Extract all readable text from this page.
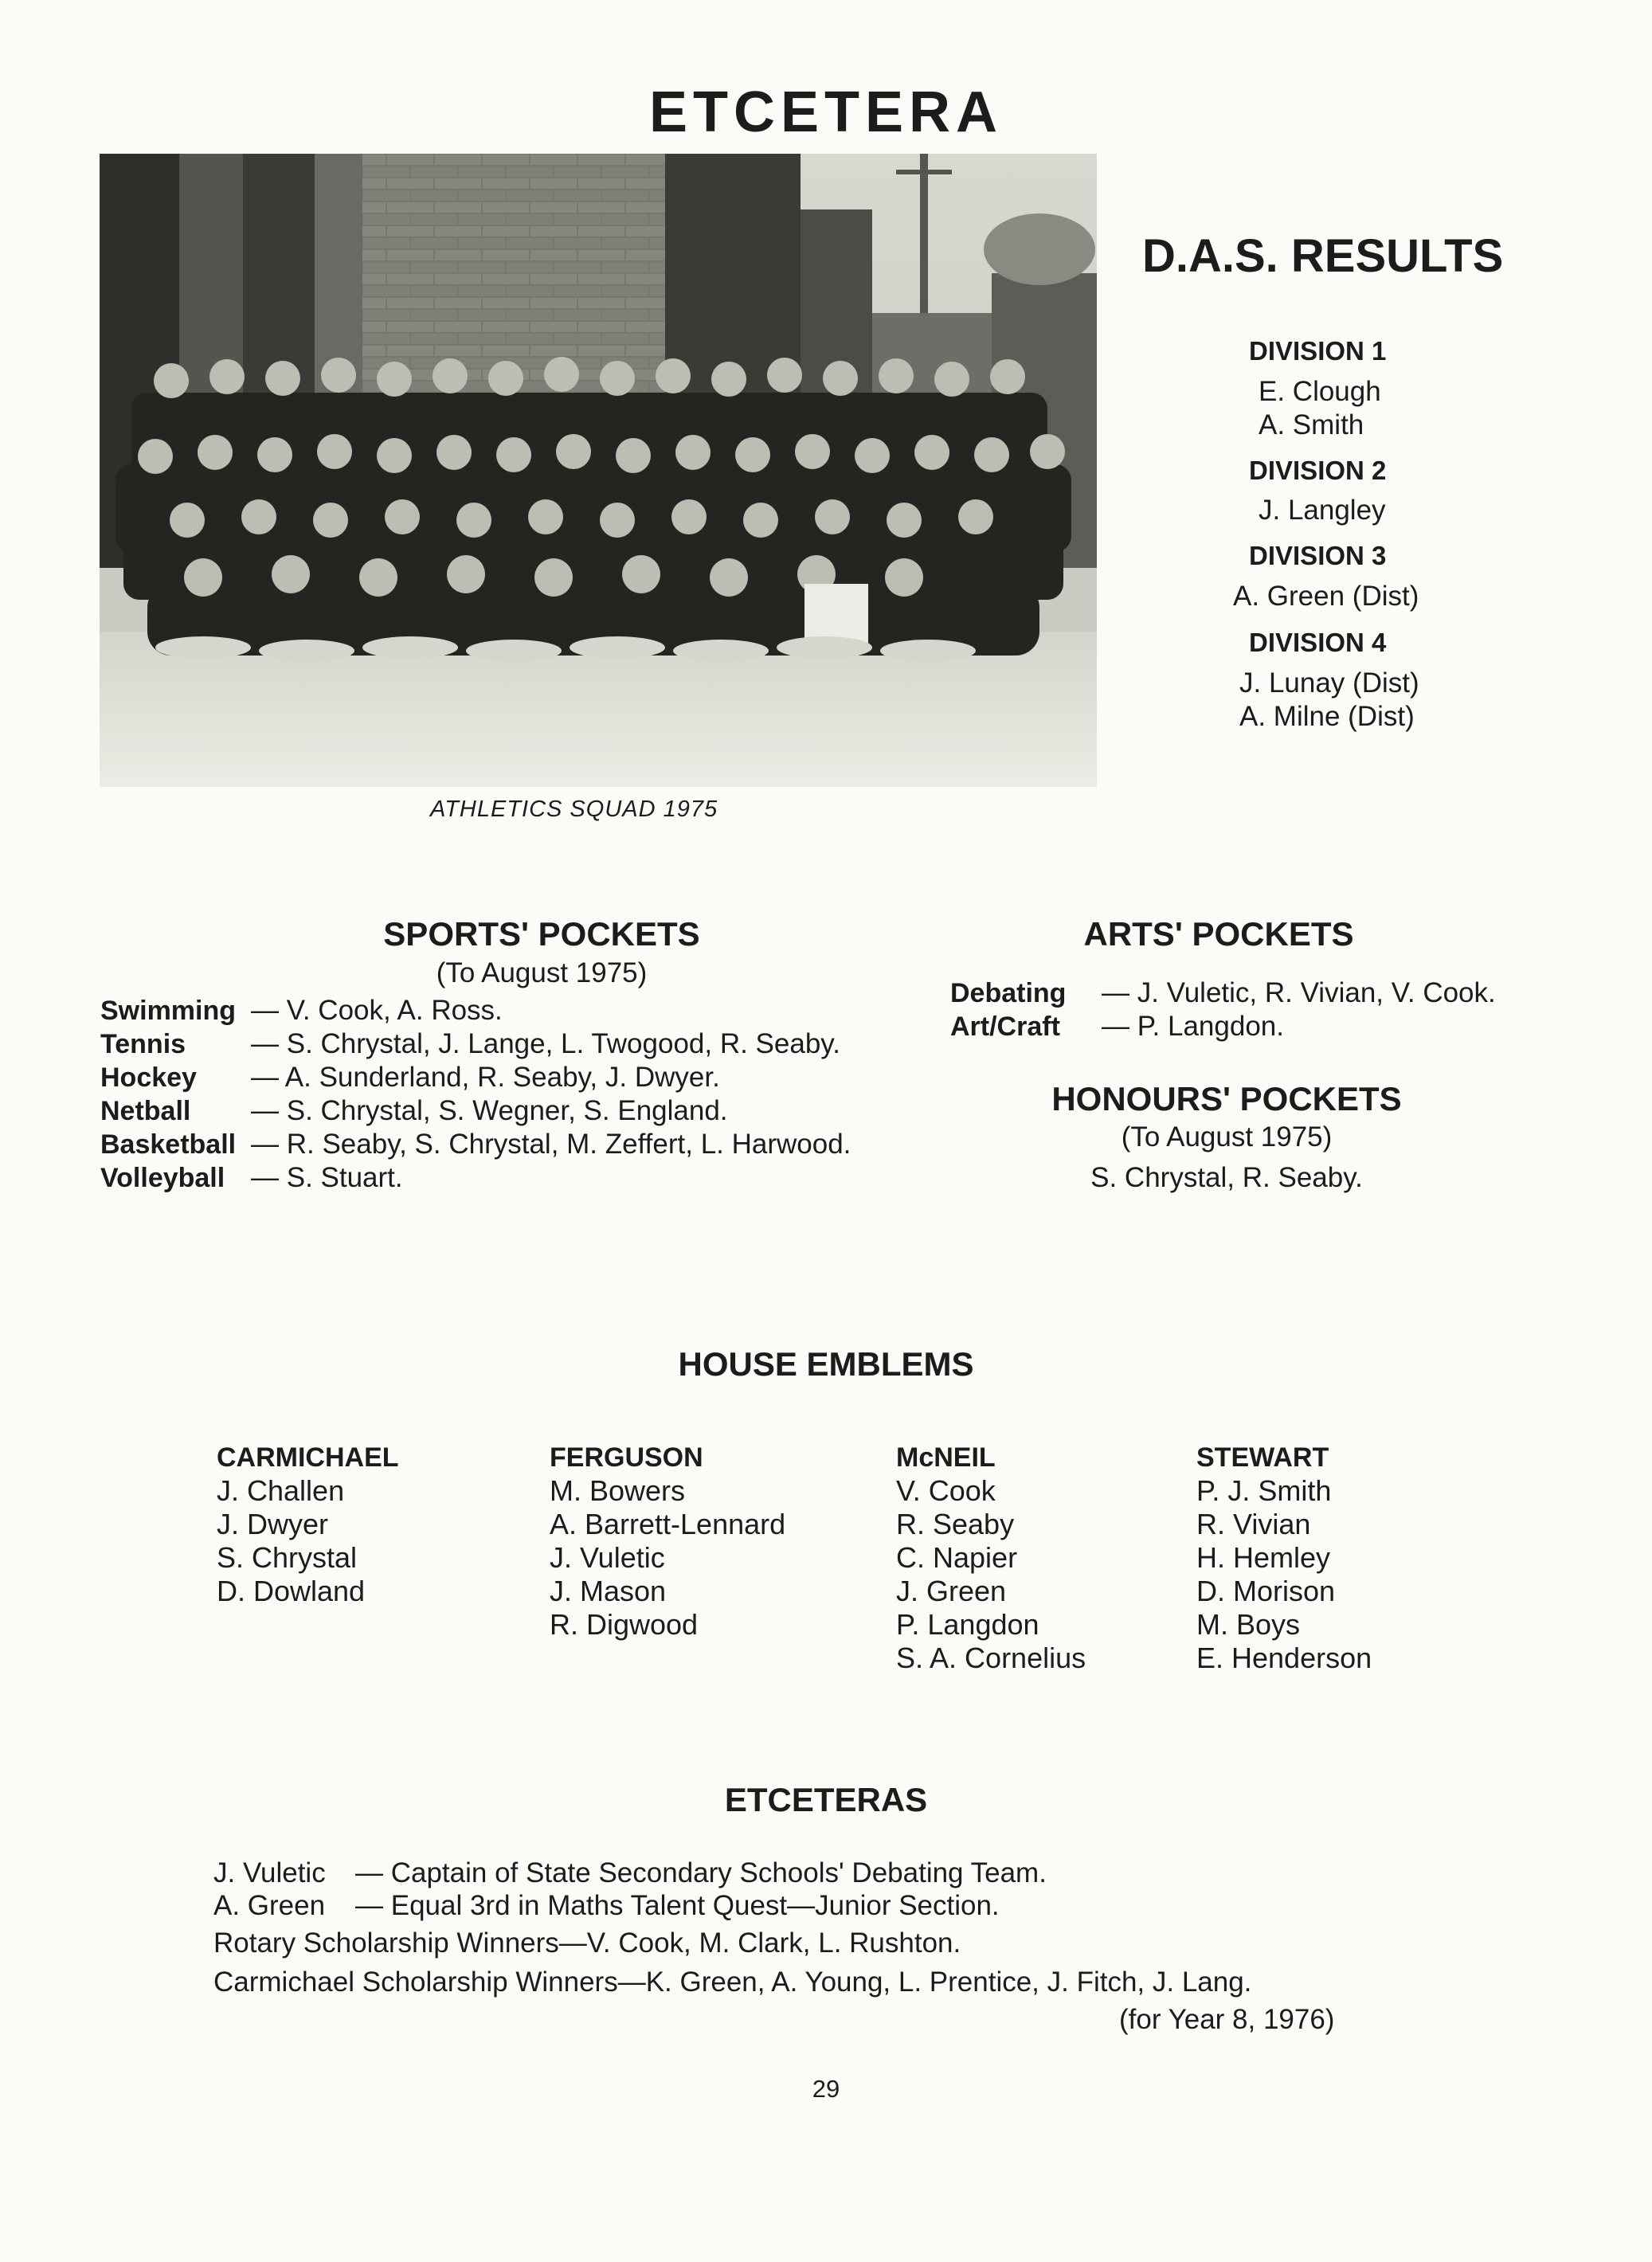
ETCETERA
ATHLETICS SQUAD 1975
D.A.S. RESULTS
DIVISION 1
E. Clough
A. Smith
DIVISION 2
J. Langley
DIVISION 3
A. Green (Dist)
DIVISION 4
J. Lunay (Dist)
A. Milne (Dist)
SPORTS' POCKETS
(To August 1975)
Swimming — V. Cook, A. Ross.
Tennis — S. Chrystal, J. Lange, L. Twogood, R. Seaby.
Hockey — A. Sunderland, R. Seaby, J. Dwyer.
Netball — S. Chrystal, S. Wegner, S. England.
Basketball — R. Seaby, S. Chrystal, M. Zeffert, L. Harwood.
Volleyball — S. Stuart.
ARTS' POCKETS
Debating — J. Vuletic, R. Vivian, V. Cook.
Art/Craft — P. Langdon.
HONOURS' POCKETS
(To August 1975)
S. Chrystal, R. Seaby.
HOUSE EMBLEMS
CARMICHAEL
J. Challen
J. Dwyer
S. Chrystal
D. Dowland
FERGUSON
M. Bowers
A. Barrett-Lennard
J. Vuletic
J. Mason
R. Digwood
McNEIL
V. Cook
R. Seaby
C. Napier
J. Green
P. Langdon
S. A. Cornelius
STEWART
P. J. Smith
R. Vivian
H. Hemley
D. Morison
M. Boys
E. Henderson
ETCETERAS
J. Vuletic — Captain of State Secondary Schools' Debating Team.
A. Green — Equal 3rd in Maths Talent Quest—Junior Section.
Rotary Scholarship Winners—V. Cook, M. Clark, L. Rushton.
Carmichael Scholarship Winners—K. Green, A. Young, L. Prentice, J. Fitch, J. Lang.
(for Year 8, 1976)
29
